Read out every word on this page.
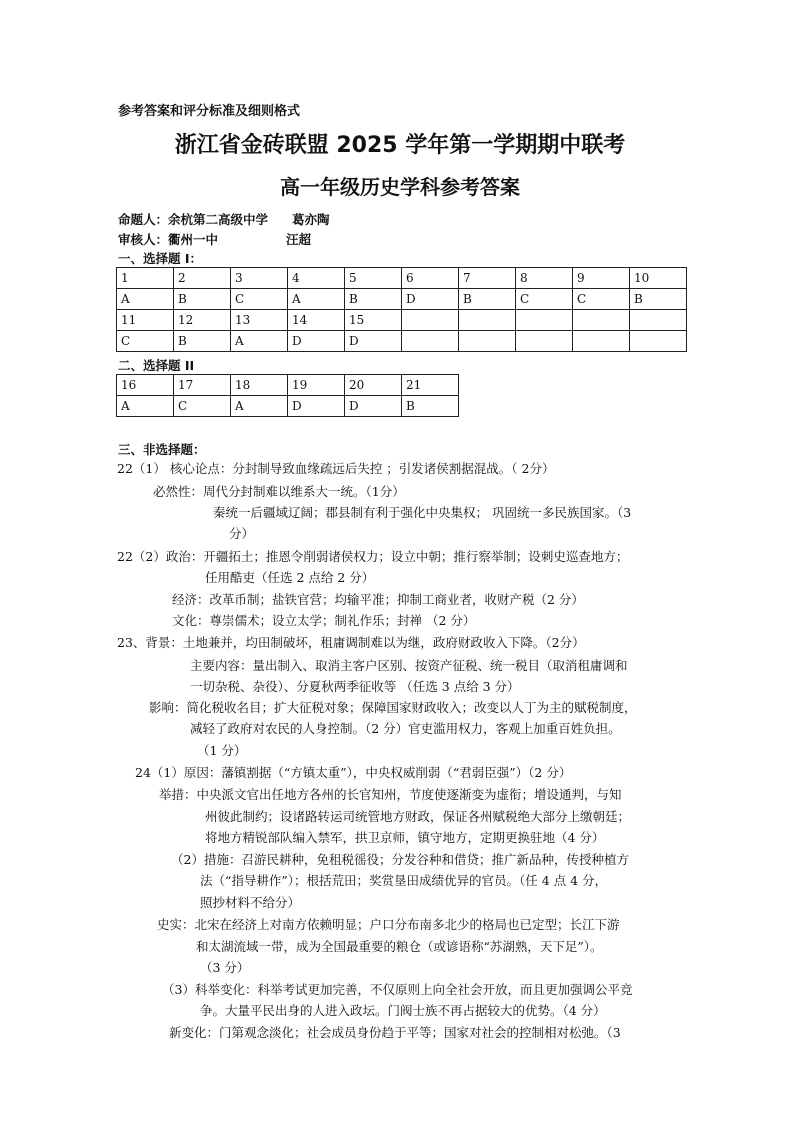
参考答案和评分标准及细则格式
浙江省金砖联盟 2025 学年第一学期期中联考
高一年级历史学科参考答案
命题人：余杭第二高级中学 葛亦陶
审核人：衢州一中	汪超
一、选择题 I：
1	2	3	4	5	6	7	8	9	10
A	B	C	A	B	D	B	C	C	B
11	12	13	14	15					
C	B	A	D	D					
二、选择题 II
16	17	18	19	20	21
A	C	A	D	D	B
三、非选择题：
22（1） 核心论点：分封制导致血缘疏远后失控 ；引发诸侯割据混战。（ 2分）
必然性：周代分封制难以维系大一统。（1分）
秦统一后疆域辽阔；郡县制有利于强化中央集权； 巩固统一多民族国家。（3
分）
22（2）政治：开疆拓土；推恩令削弱诸侯权力；设立中朝；推行察举制；设刺史巡查地方；
任用酷吏（任选 2 点给 2 分）
经济：改革币制；盐铁官营；均输平准；抑制工商业者，收财产税（2 分）
文化：尊崇儒术；设立太学；制礼作乐；封禅 （2 分）
23、背景：土地兼并，均田制破坏，租庸调制难以为继，政府财政收入下降。（2分）
主要内容：量出制入、取消主客户区别、按资产征税、统一税目（取消租庸调和
一切杂税、杂役）、分夏秋两季征收等 （任选 3 点给 3 分）
影响：简化税收名目；扩大征税对象；保障国家财政收入；改变以人丁为主的赋税制度，
减轻了政府对农民的人身控制。（2 分）官吏滥用权力，客观上加重百姓负担。
（1 分）
24（1）原因：藩镇割据（“方镇太重”），中央权威削弱（“君弱臣强”）（2 分）
举措：中央派文官出任地方各州的长官知州，节度使逐渐变为虚衔；增设通判，与知
州彼此制约；设诸路转运司统管地方财政，保证各州赋税绝大部分上缴朝廷；
将地方精锐部队编入禁军，拱卫京师，镇守地方，定期更换驻地（4 分）
（2）措施：召游民耕种，免租税徭役；分发谷种和借贷；推广新品种，传授种植方
法（“指导耕作”）；根括荒田；奖赏垦田成绩优异的官员。（任 4 点 4 分，
照抄材料不给分）
史实：北宋在经济上对南方依赖明显；户口分布南多北少的格局也已定型；长江下游
和太湖流域一带，成为全国最重要的粮仓（或谚语称“苏湖熟，天下足”）。
（3 分）
（3）科举变化：科举考试更加完善，不仅原则上向全社会开放，而且更加强调公平竞
争。大量平民出身的人进入政坛。门阀士族不再占据较大的优势。（4 分）
新变化：门第观念淡化；社会成员身份趋于平等；国家对社会的控制相对松弛。（3
